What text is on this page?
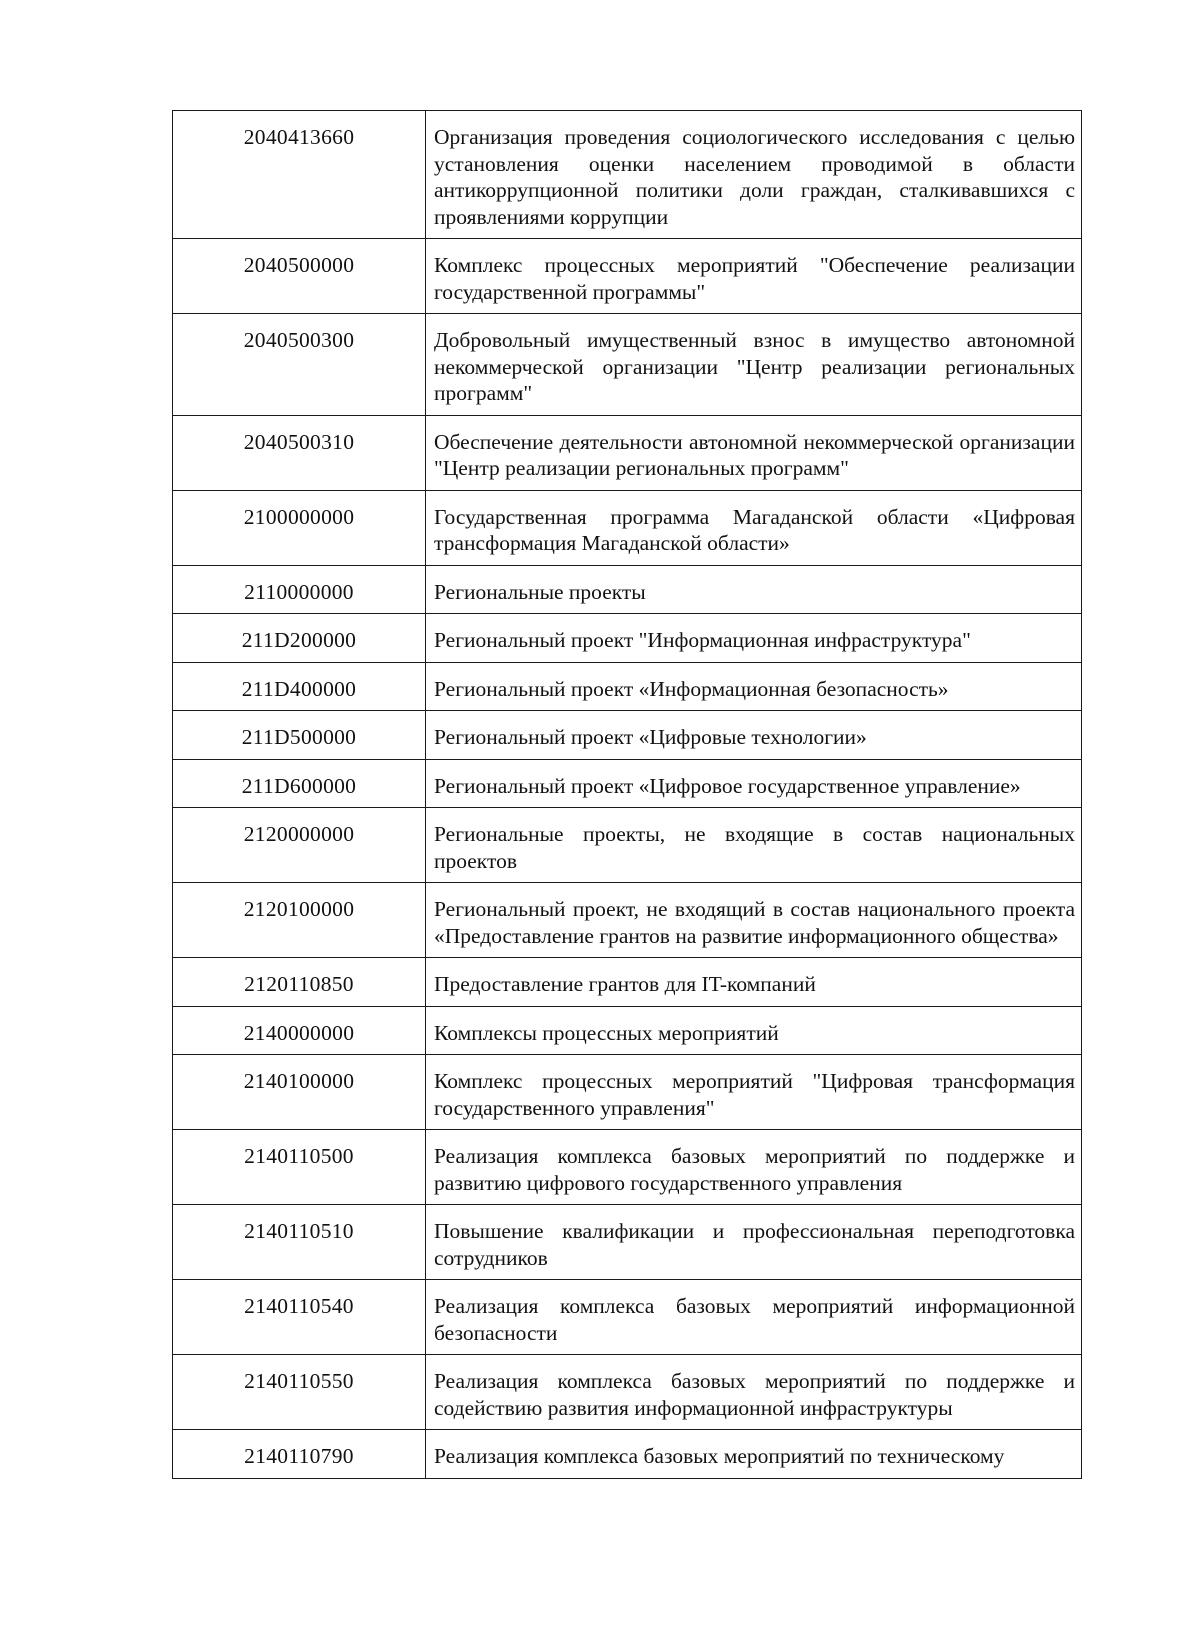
2040413660	Организация проведения социологического исследования с целью установления оценки населением проводимой в области антикоррупционной политики доли граждан, сталкивавшихся с проявлениями коррупции
2040500000	Комплекс процессных мероприятий "Обеспечение реализации государственной программы"
2040500300	Добровольный имущественный взнос в имущество автономной некоммерческой организации "Центр реализации региональных программ"
2040500310	Обеспечение деятельности автономной некоммерческой организации "Центр реализации региональных программ"
2100000000	Государственная программа Магаданской области «Цифровая трансформация Магаданской области»
2110000000	Региональные проекты
211D200000	Региональный проект "Информационная инфраструктура"
211D400000	Региональный проект «Информационная безопасность»
211D500000	Региональный проект «Цифровые технологии»
211D600000	Региональный проект «Цифровое государственное управление»
2120000000	Региональные проекты, не входящие в состав национальных проектов
2120100000	Региональный проект, не входящий в состав национального проекта «Предоставление грантов на развитие информационного общества»
2120110850	Предоставление грантов для IT-компаний
2140000000	Комплексы процессных мероприятий
2140100000	Комплекс процессных мероприятий "Цифровая трансформация государственного управления"
2140110500	Реализация комплекса базовых мероприятий по поддержке и развитию цифрового государственного управления
2140110510	Повышение квалификации и профессиональная переподготовка сотрудников
2140110540	Реализация комплекса базовых мероприятий информационной безопасности
2140110550	Реализация комплекса базовых мероприятий по поддержке и содействию развития информационной инфраструктуры
2140110790	Реализация комплекса базовых мероприятий по техническому
